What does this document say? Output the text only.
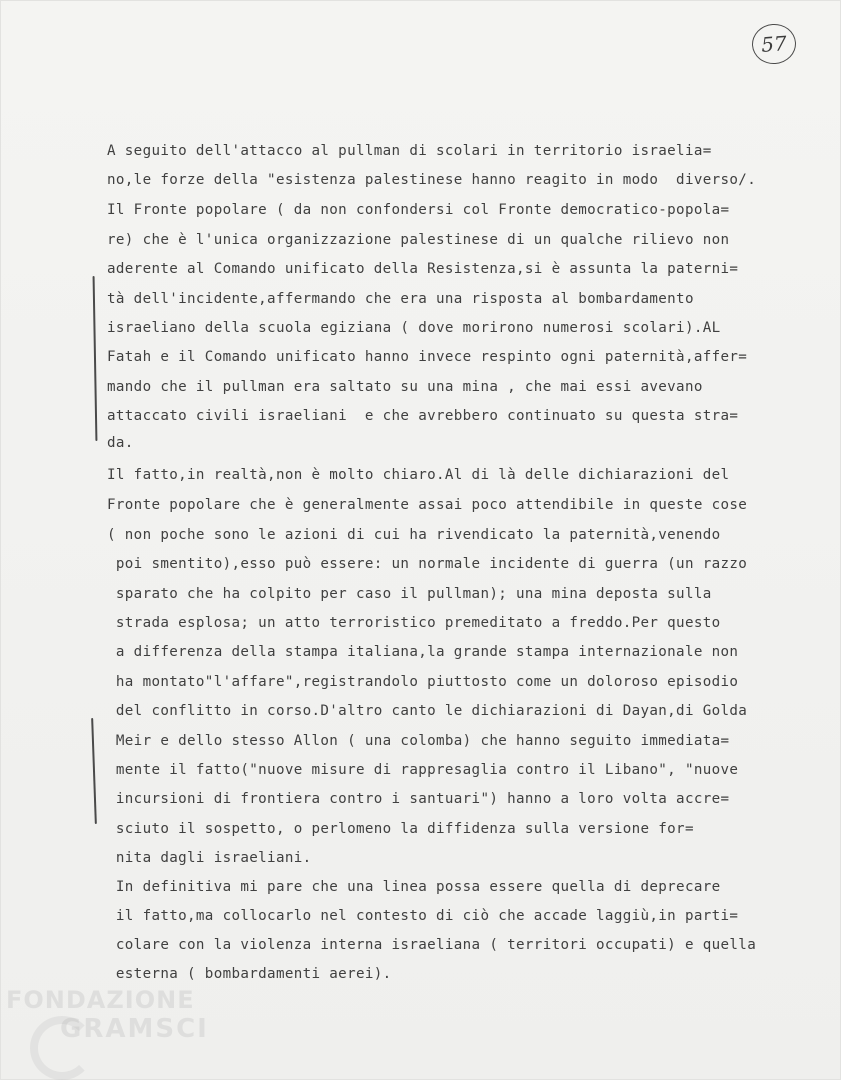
57
A seguito dell'attacco al pullman di scolari in territorio israelia=
no,le forze della "esistenza palestinese hanno reagito in modo  diverso/.
Il Fronte popolare ( da non confondersi col Fronte democratico-popola=
re) che è l'unica organizzazione palestinese di un qualche rilievo non
aderente al Comando unificato della Resistenza,si è assunta la paterni=
tà dell'incidente,affermando che era una risposta al bombardamento
israeliano della scuola egiziana ( dove morirono numerosi scolari).AL
Fatah e il Comando unificato hanno invece respinto ogni paternità,affer=
mando che il pullman era saltato su una mina , che mai essi avevano
attaccato civili israeliani  e che avrebbero continuato su questa stra=
da.
Il fatto,in realtà,non è molto chiaro.Al di là delle dichiarazioni del
Fronte popolare che è generalmente assai poco attendibile in queste cose
( non poche sono le azioni di cui ha rivendicato la paternità,venendo
poi smentito),esso può essere: un normale incidente di guerra (un razzo
sparato che ha colpito per caso il pullman); una mina deposta sulla
strada esplosa; un atto terroristico premeditato a freddo.Per questo
a differenza della stampa italiana,la grande stampa internazionale non
ha montato"l'affare",registrandolo piuttosto come un doloroso episodio
del conflitto in corso.D'altro canto le dichiarazioni di Dayan,di Golda
Meir e dello stesso Allon ( una colomba) che hanno seguito immediata=
mente il fatto("nuove misure di rappresaglia contro il Libano", "nuove
incursioni di frontiera contro i santuari") hanno a loro volta accre=
sciuto il sospetto, o perlomeno la diffidenza sulla versione for=
nita dagli israeliani.
In definitiva mi pare che una linea possa essere quella di deprecare
il fatto,ma collocarlo nel contesto di ciò che accade laggiù,in parti=
colare con la violenza interna israeliana ( territori occupati) e quella
esterna ( bombardamenti aerei).
FONDAZIONE
GRAMSCI
